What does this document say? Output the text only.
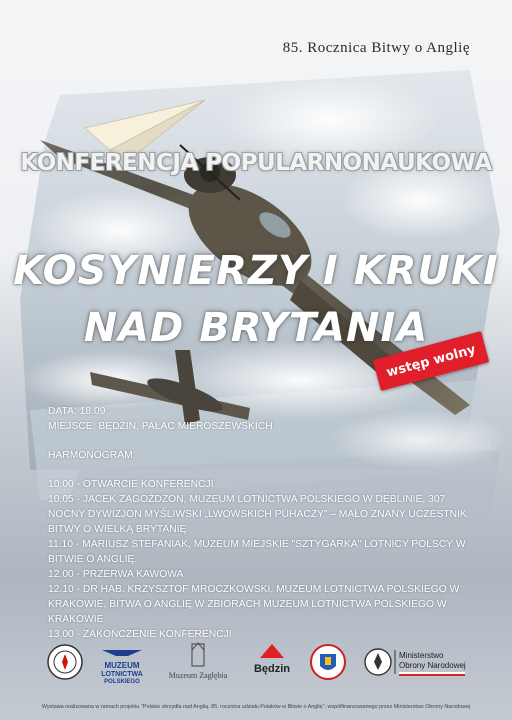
85. Rocznica Bitwy o Anglię
KONFERENCJA POPULARNONAUKOWA
KOSYNIERZY I KRUKI
NAD BRYTANIA
wstęp wolny
DATA: 18.09
MIEJSCE: BĘDZIN, PAŁAC MIEROSZEWSKICH
HARMONOGRAM:
10.00 - OTWARCIE KONFERENCJI
10.05 - JACEK ZAGOŻDŻON, MUZEUM LOTNICTWA POLSKIEGO W DĘBLINIE, 307
NOCNY DYWIZJON MYŚLIWSKI „LWOWSKICH PUHACZY” – MAŁO ZNANY UCZESTNIK
BITWY O WIELKĄ BRYTANIĘ
11.10 - MARIUSZ STEFANIAK, MUZEUM MIEJSKIE "SZTYGARKA" LOTNICY POLSCY W
BITWIE O ANGLIĘ.
12.00 - PRZERWA KAWOWA
12.10 - DR HAB. KRZYSZTOF MROCZKOWSKI, MUZEUM LOTNICTWA POLSKIEGO W
KRAKOWIE, BITWA O ANGLIĘ W ZBIORACH MUZEUM LOTNICTWA POLSKIEGO W
KRAKOWIE
13.00 - ZAKOŃCZENIE KONFERENCJI
MUZEUM
LOTNICTWA
POLSKIEGO
Muzeum Zagłębia
Będzin
Ministerstwo
Obrony Narodowej
Wystawa realizowana w ramach projektu "Polskie skrzydła nad Anglią. 85. rocznica udziału Polaków w Bitwie o Anglię", współfinansowanego przez Ministerstwo Obrony Narodowej
